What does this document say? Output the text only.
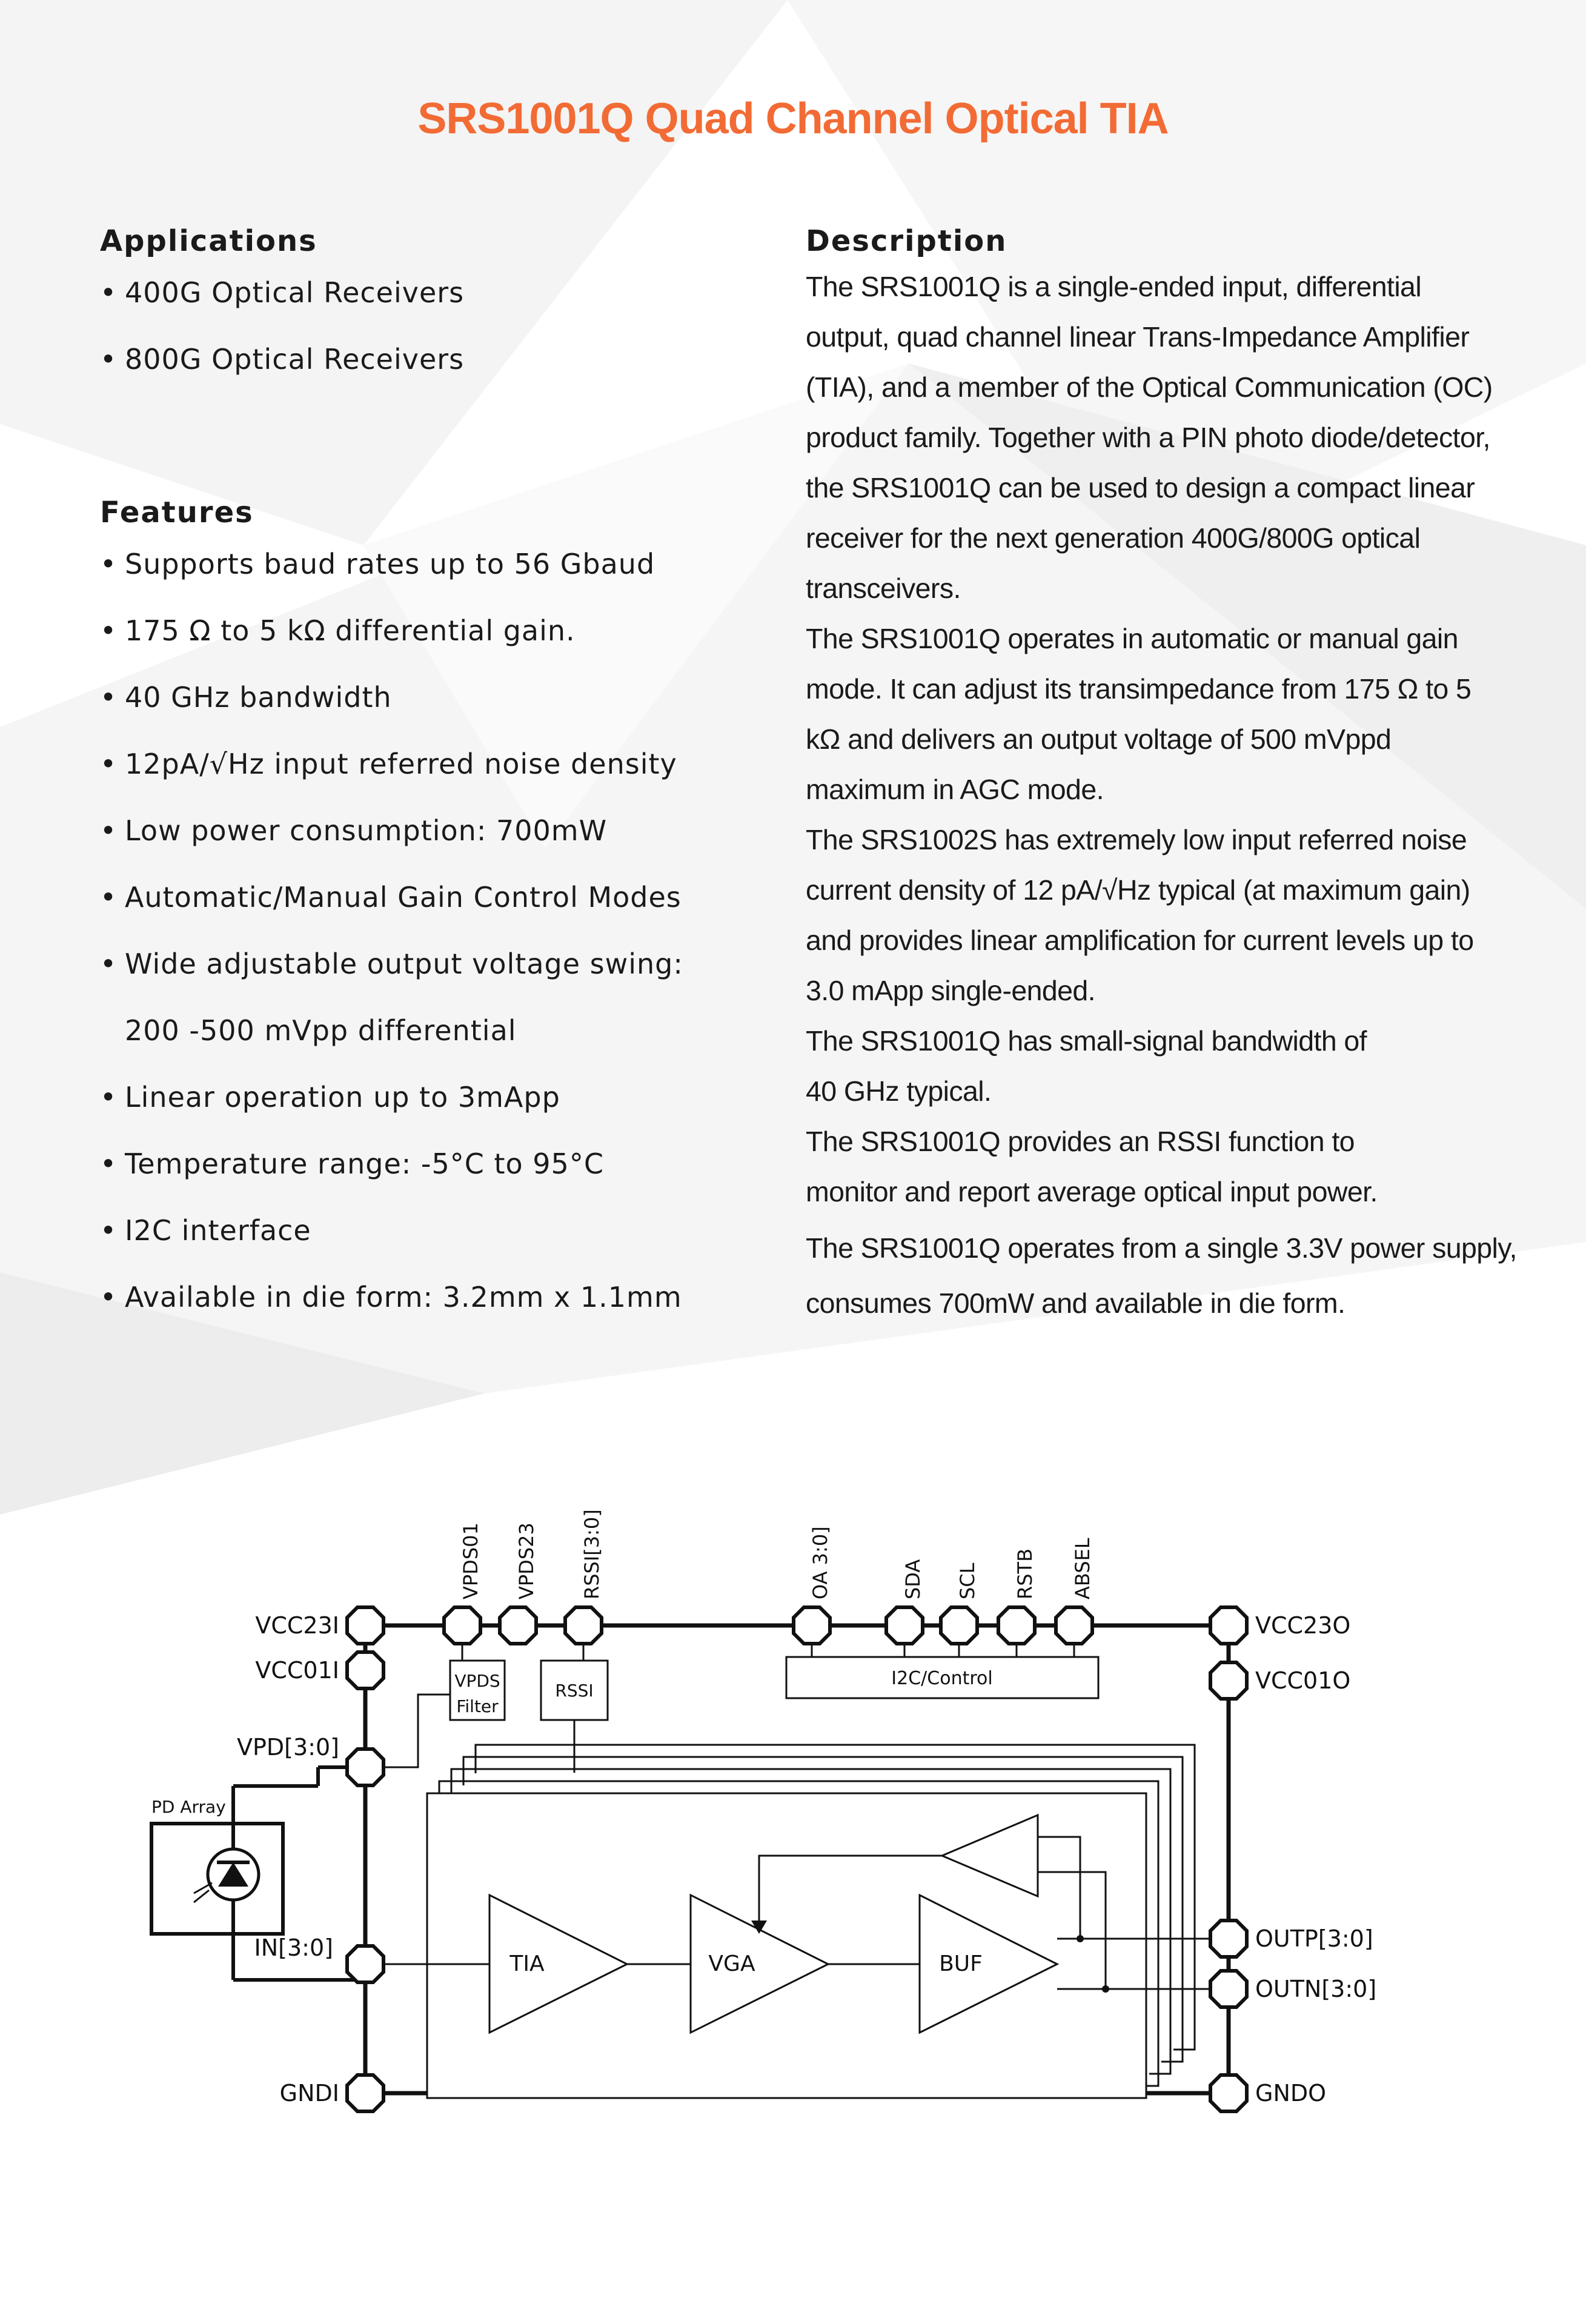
SRS1001Q Quad Channel Optical TIA
Applications
• 400G Optical Receivers
• 800G Optical Receivers
Features
• Supports baud rates up to 56 Gbaud
• 175 Ω to 5 kΩ differential gain.
• 40 GHz bandwidth
• 12pA/√Hz input referred noise density
• Low power consumption: 700mW
• Automatic/Manual Gain Control Modes
• Wide adjustable output voltage swing:
200 -500 mVpp differential
• Linear operation up to 3mApp
• Temperature range: -5°C to 95°C
• I2C interface
• Available in die form: 3.2mm x 1.1mm
Description

The SRS1001Q is a single-ended input, differential

output, quad channel linear Trans-Impedance Amplifier

(TIA), and a member of the Optical Communication (OC)

product family. Together with a PIN photo diode/detector,

the SRS1001Q can be used to design a compact linear

receiver for the next generation 400G/800G optical

transceivers.

The SRS1001Q operates in automatic or manual gain

mode. It can adjust its transimpedance from 175 Ω to 5

kΩ and delivers an output voltage of 500 mVppd

maximum in AGC mode.

The SRS1002S has extremely low input referred noise

current density of 12 pA/√Hz typical (at maximum gain)

and provides linear amplification for current levels up to

3.0 mApp single-ended.

The SRS1001Q has small-signal bandwidth of

40 GHz typical.

The SRS1001Q provides an RSSI function to

monitor and report average optical input power.

The SRS1001Q operates from a single 3.3V power supply,

consumes 700mW and available in die form.

PD Array
VPDS
Filter
RSSI
I2C/Control
TIA	VGA	BUF
VCC23I
VCC01I
VPD[3:0]
IN[3:0]
GNDI
VCC23O
VCC01O
OUTP[3:0]
OUTN[3:0]
GNDO
VPDS01 VPDS23 RSSI[3:0]	OA 3:0]	SDA SCL RSTB ABSEL
